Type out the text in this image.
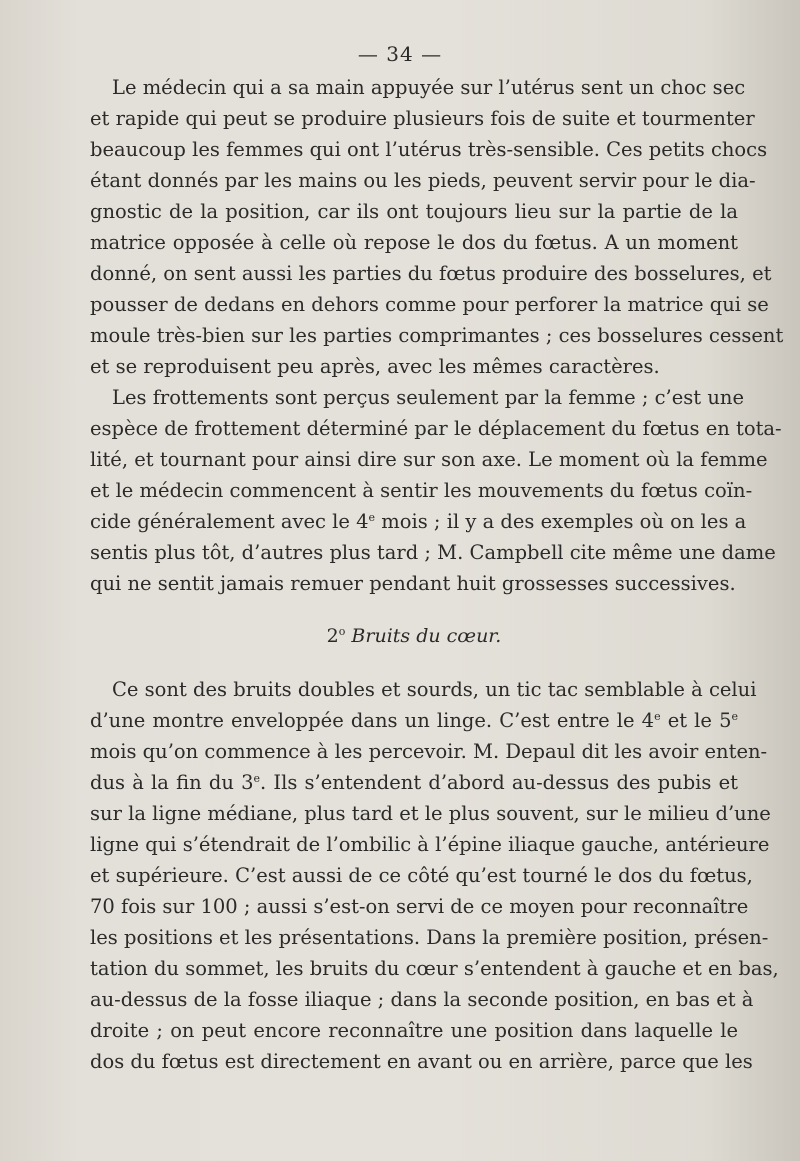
— 34 —
Le médecin qui a sa main appuyée sur l’utérus sent un choc sec
et rapide qui peut se produire plusieurs fois de suite et tourmenter
beaucoup les femmes qui ont l’utérus très-sensible. Ces petits chocs
étant donnés par les mains ou les pieds, peuvent servir pour le dia-
gnostic de la position, car ils ont toujours lieu sur la partie de la
matrice opposée à celle où repose le dos du fœtus. A un moment
donné, on sent aussi les parties du fœtus produire des bosselures, et
pousser de dedans en dehors comme pour perforer la matrice qui se
moule très-bien sur les parties comprimantes ; ces bosselures cessent
et se reproduisent peu après, avec les mêmes caractères.
Les frottements sont perçus seulement par la femme ; c’est une
espèce de frottement déterminé par le déplacement du fœtus en tota-
lité, et tournant pour ainsi dire sur son axe. Le moment où la femme
et le médecin commencent à sentir les mouvements du fœtus coïn-
cide généralement avec le 4e mois ; il y a des exemples où on les a
sentis plus tôt, d’autres plus tard ; M. Campbell cite même une dame
qui ne sentit jamais remuer pendant huit grossesses successives.
2$^o$ Bruits du cœur.
Ce sont des bruits doubles et sourds, un tic tac semblable à celui
d’une montre enveloppée dans un linge. C’est entre le 4e et le 5e
mois qu’on commence à les percevoir. M. Depaul dit les avoir enten-
dus à la fin du 3e. Ils s’entendent d’abord au-dessus des pubis et
sur la ligne médiane, plus tard et le plus souvent, sur le milieu d’une
ligne qui s’étendrait de l’ombilic à l’épine iliaque gauche, antérieure
et supérieure. C’est aussi de ce côté qu’est tourné le dos du fœtus,
70 fois sur 100 ; aussi s’est-on servi de ce moyen pour reconnaître
les positions et les présentations. Dans la première position, présen-
tation du sommet, les bruits du cœur s’entendent à gauche et en bas,
au-dessus de la fosse iliaque ; dans la seconde position, en bas et à
droite ; on peut encore reconnaître une position dans laquelle le
dos du fœtus est directement en avant ou en arrière, parce que les
